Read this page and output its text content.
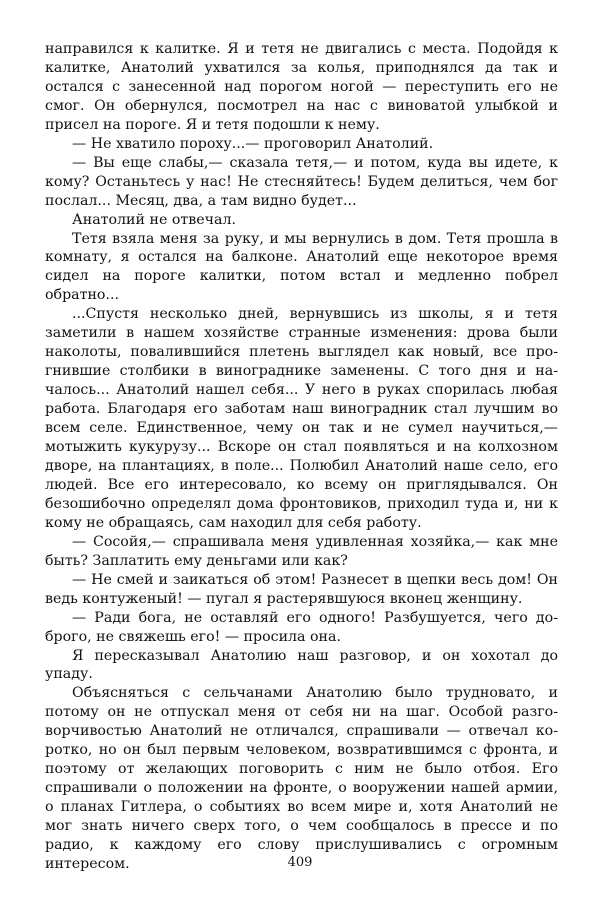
направился к калитке. Я и тетя не двигались с места. Подойдя к калитке, Анатолий ухватился за колья, приподнялся да так и остался с занесенной над порогом ногой — переступить его не смог. Он обернулся, посмотрел на нас с виноватой улыбкой и присел на пороге. Я и тетя подошли к нему.

— Не хватило пороху...— проговорил Анатолий.

— Вы еще слабы,— сказала тетя,— и потом, куда вы идете, к кому? Останьтесь у нас! Не стесняйтесь! Будем делиться, чем бог послал... Месяц, два, а там видно будет...

Анатолий не отвечал.

Тетя взяла меня за руку, и мы вернулись в дом. Тетя прошла в комнату, я остался на балконе. Анатолий еще некоторое время сидел на пороге калитки, потом встал и медленно побрел обратно...

...Спустя несколько дней, вернувшись из школы, я и тетя заметили в нашем хозяйстве странные изменения: дрова были наколоты, повалившийся плетень выглядел как новый, все прогнившие столбики в винограднике заменены. С того дня и началось... Анатолий нашел себя... У него в руках спорилась любая работа. Благодаря его заботам наш виноградник стал лучшим во всем селе. Единственное, чему он так и не сумел научиться,— мотыжить кукурузу... Вскоре он стал появляться и на колхозном дворе, на плантациях, в поле... Полюбил Анатолий наше село, его людей. Все его интересовало, ко всему он приглядывался. Он безошибочно определял дома фронтовиков, приходил туда и, ни к кому не обращаясь, сам находил для себя работу.

— Сосойя,— спрашивала меня удивленная хозяйка,— как мне быть? Заплатить ему деньгами или как?

— Не смей и заикаться об этом! Разнесет в щепки весь дом! Он ведь контуженый! — пугал я растерявшуюся вконец женщину.

— Ради бога, не оставляй его одного! Разбушуется, чего доброго, не свяжешь его! — просила она.

Я пересказывал Анатолию наш разговор, и он хохотал до упаду.

Объясняться с сельчанами Анатолию было трудновато, и потому он не отпускал меня от себя ни на шаг. Особой разговорчивостью Анатолий не отличался, спрашивали — отвечал коротко, но он был первым человеком, возвратившимся с фронта, и поэтому от желающих поговорить с ним не было отбоя. Его спрашивали о положении на фронте, о вооружении нашей армии, о планах Гитлера, о событиях во всем мире и, хотя Анатолий не мог знать ничего сверх того, о чем сообщалось в прессе и по радио, к каждому его слову прислушивались с огромным интересом.	409
